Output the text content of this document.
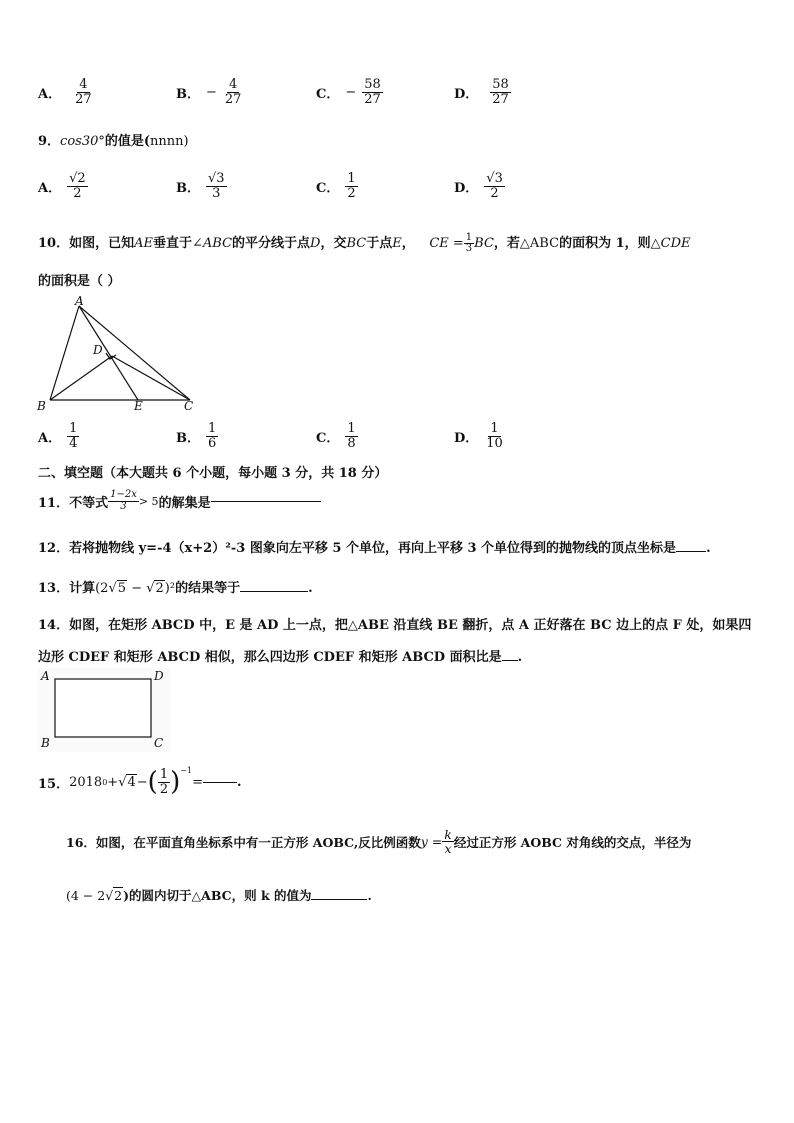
A． $\frac{4}{27}$	B． − $\frac{4}{27}$	C． − $\frac{58}{27}$	D． $\frac{58}{27}$
9．cos30°的值是(nnnn)
A． $\frac{√2}{2}$	B． $\frac{√3}{3}$	C． $\frac{1}{2}$	D． $\frac{√3}{2}$
10．如图，已知AE垂直于∠ABC的平分线于点D，交BC于点E， CE = $\frac{1}{3}$ BC，若△ABC的面积为 1，则△CDE
的面积是（ ）
A
B	C
D
E
A． $\frac{1}{4}$	B． $\frac{1}{6}$	C． $\frac{1}{8}$	D． $\frac{1}{10}$
二、填空题（本大题共 6 个小题，每小题 3 分，共 18 分）
11．不等式 $\frac{1-2x}{3} > 5$ 的解集是
12．若将抛物线 y=-4（x+2）²-3 图象向左平移 5 个单位，再向上平移 3 个单位得到的抛物线的顶点坐标是 .
13．计算(2√5 − √2)²的结果等于	.
14．如图，在矩形 ABCD 中，E 是 AD 上一点，把△ABE 沿直线 BE 翻折，点 A 正好落在 BC 边上的点 F 处，如果四
边形 CDEF 和矩形 ABCD 相似，那么四边形 CDEF 和矩形 ABCD 面积比是 .
A	D
B	C
15． 2018 0 + √4 − ( $\frac{1}{2} )^{-1}$
=	.
16．如图，在平面直角坐标系中有一正方形 AOBC,反比例函数 $y = \frac{k}{x}$ 经过正方形 AOBC 对角线的交点，半径为
(4 − 2√2)的圆内切于△ABC，则 k 的值为	.
